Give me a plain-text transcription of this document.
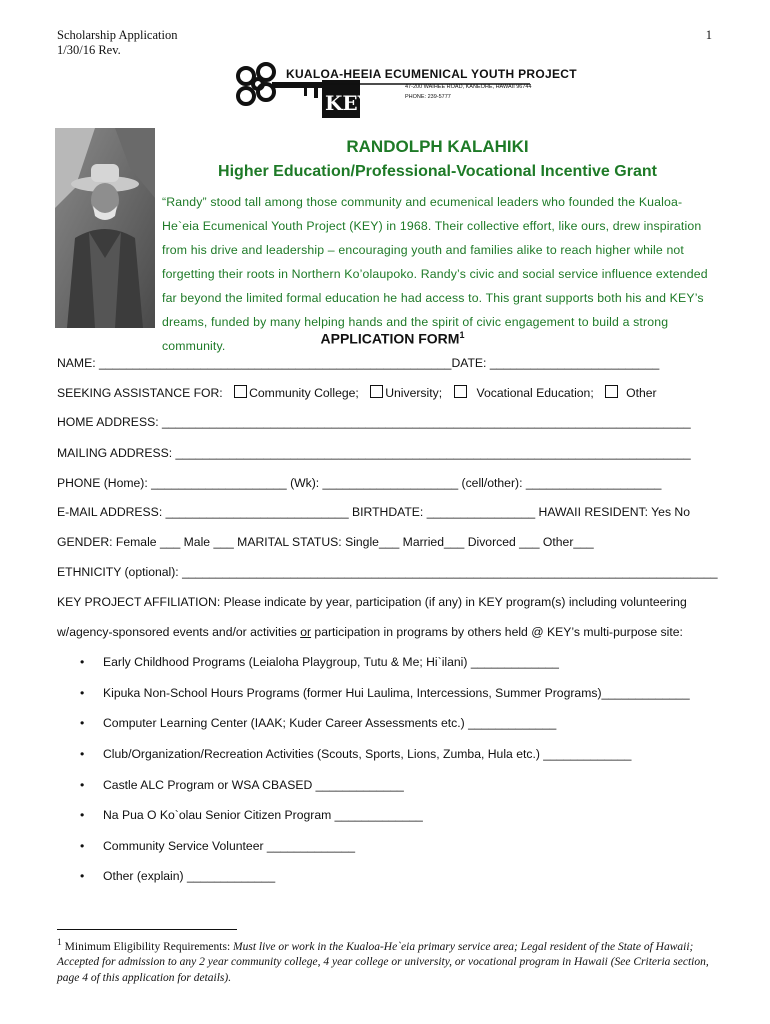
Scholarship Application
1/30/16 Rev.
1
KEY
KUALOA-HEEIA ECUMENICAL YOUTH PROJECT
47-200 WAIHEE ROAD, KANEOHE, HAWAII 96744
PHONE: 239-5777
RANDOLPH KALAHIKI
Higher Education/Professional-Vocational Incentive Grant
“Randy” stood tall among those community and ecumenical leaders who founded the Kualoa-He`eia Ecumenical Youth Project (KEY) in 1968. Their collective effort, like ours, drew inspiration from his drive and leadership – encouraging youth and families alike to reach higher while not forgetting their roots in Northern Ko’olaupoko. Randy’s civic and social service influence extended far beyond the limited formal education he had access to. This grant supports both his and KEY’s dreams, funded by many helping hands and the spirit of civic engagement to build a strong community.	APPLICATION FORM$^1$
NAME: ____________________________________________________DATE: _________________________
SEEKING ASSISTANCE FOR: Community College; University;	Vocational Education;	Other
HOME ADDRESS: ______________________________________________________________________________
MAILING ADDRESS: ____________________________________________________________________________
PHONE (Home): ____________________ (Wk): ____________________ (cell/other): ____________________
E-MAIL ADDRESS: ___________________________ BIRTHDATE: ________________ HAWAII RESIDENT: Yes No
GENDER: Female ___ Male ___ MARITAL STATUS: Single___ Married___ Divorced ___ Other___
ETHNICITY (optional): _______________________________________________________________________________
KEY PROJECT AFFILIATION: Please indicate by year, participation (if any) in KEY program(s) including volunteering
w/agency-sponsored events and/or activities or participation in programs by others held @ KEY’s multi-purpose site:
• Early Childhood Programs (Leialoha Playgroup, Tutu & Me; Hi`ilani) _____________
• Kipuka Non-School Hours Programs (former Hui Laulima, Intercessions, Summer Programs)_____________
• Computer Learning Center (IAAK; Kuder Career Assessments etc.) _____________
• Club/Organization/Recreation Activities (Scouts, Sports, Lions, Zumba, Hula etc.) _____________
• Castle ALC Program or WSA CBASED _____________
• Na Pua O Ko`olau Senior Citizen Program _____________
• Community Service Volunteer _____________
• Other (explain) _____________
$^1$ Minimum Eligibility Requirements: Must live or work in the Kualoa-He`eia primary service area; Legal resident of the State of Hawaii; Accepted for admission to any 2 year community college, 4 year college or university, or vocational program in Hawaii (See Criteria section, page 4 of this application for details).
